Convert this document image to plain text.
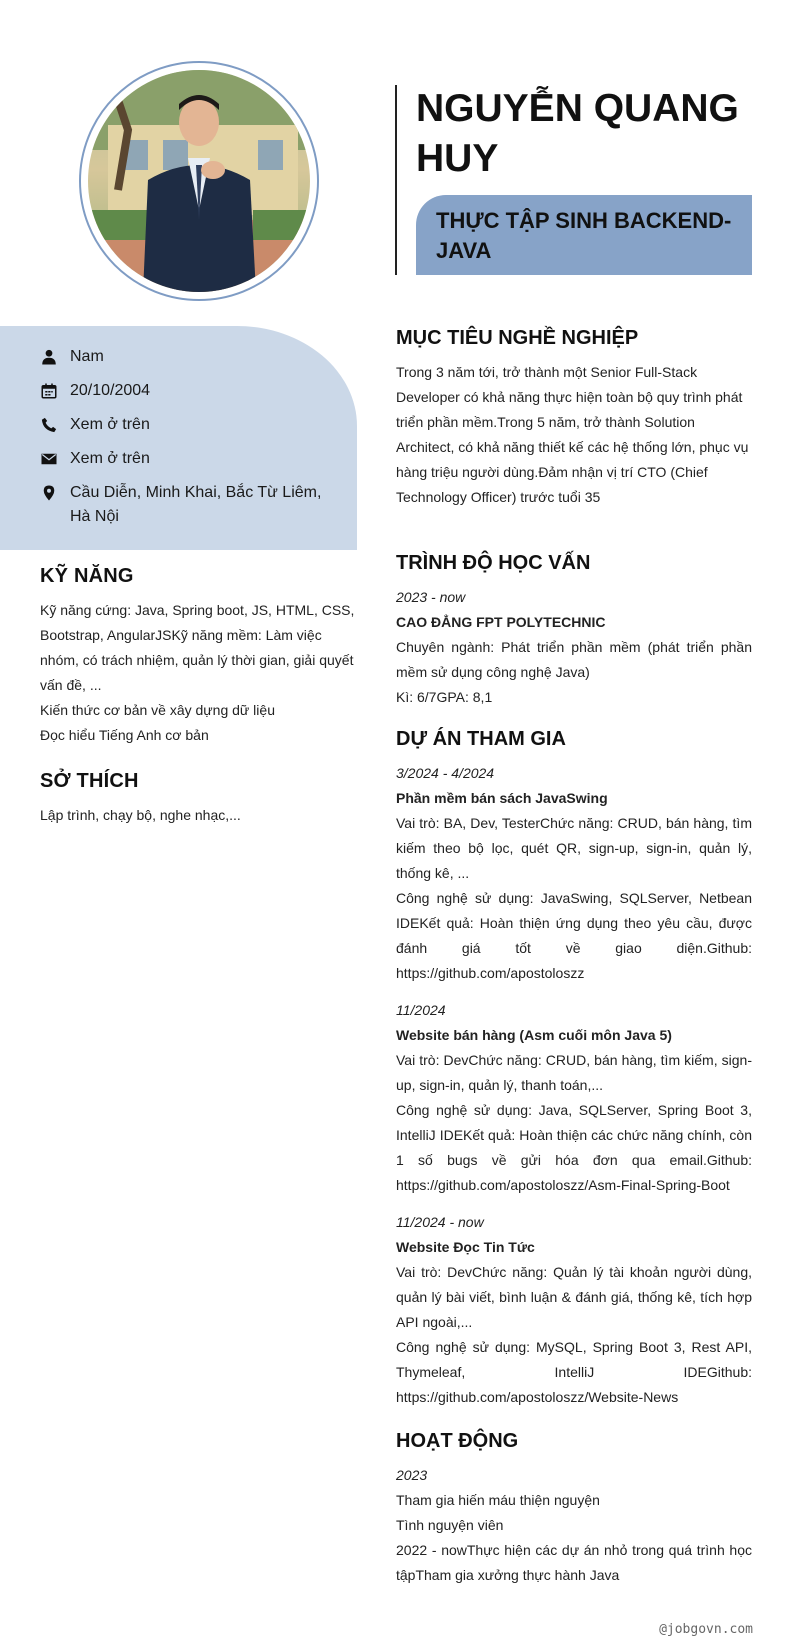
Nam
20/10/2004
Xem ở trên
Xem ở trên
Cầu Diễn, Minh Khai, Bắc Từ Liêm, Hà Nội
KỸ NĂNG
Kỹ năng cứng: Java, Spring boot, JS, HTML, CSS, Bootstrap, AngularJSKỹ năng mềm: Làm việc nhóm, có trách nhiệm, quản lý thời gian, giải quyết vấn đề, ...
Kiến thức cơ bản về xây dựng dữ liệu
Đọc hiểu Tiếng Anh cơ bản
SỞ THÍCH
Lập trình, chạy bộ, nghe nhạc,...
NGUYỄN QUANG HUY
THỰC TẬP SINH BACKEND-JAVA
MỤC TIÊU NGHỀ NGHIỆP
Trong 3 năm tới, trở thành một Senior Full-Stack Developer có khả năng thực hiện toàn bộ quy trình phát triển phần mềm.Trong 5 năm, trở thành Solution Architect, có khả năng thiết kế các hệ thống lớn, phục vụ hàng triệu người dùng.Đảm nhận vị trí CTO (Chief Technology Officer) trước tuổi 35
TRÌNH ĐỘ HỌC VẤN
2023 - now
CAO ĐẲNG FPT POLYTECHNIC
Chuyên ngành: Phát triển phần mềm (phát triển phần mềm sử dụng công nghệ Java)
Kì: 6/7GPA: 8,1
DỰ ÁN THAM GIA
3/2024 - 4/2024
Phần mềm bán sách JavaSwing
Vai trò: BA, Dev, TesterChức năng: CRUD, bán hàng, tìm kiếm theo bộ lọc, quét QR, sign-up, sign-in, quản lý, thống kê, ...
Công nghệ sử dụng: JavaSwing, SQLServer, Netbean IDEKết quả: Hoàn thiện ứng dụng theo yêu cầu, được đánh giá tốt về giao diện.Github: https://github.com/apostoloszz
11/2024
Website bán hàng (Asm cuối môn Java 5)
Vai trò: DevChức năng: CRUD, bán hàng, tìm kiếm, sign-up, sign-in, quản lý, thanh toán,...
Công nghệ sử dụng: Java, SQLServer, Spring Boot 3, IntelliJ IDEKết quả: Hoàn thiện các chức năng chính, còn 1 số bugs về gửi hóa đơn qua email.Github: https://github.com/apostoloszz/Asm-Final-Spring-Boot
11/2024 - now
Website Đọc Tin Tức
Vai trò: DevChức năng: Quản lý tài khoản người dùng, quản lý bài viết, bình luận & đánh giá, thống kê, tích hợp API ngoài,...
Công nghệ sử dụng: MySQL, Spring Boot 3, Rest API, Thymeleaf, IntelliJ IDEGithub: https://github.com/apostoloszz/Website-News
HOẠT ĐỘNG
2023
Tham gia hiến máu thiện nguyện
Tình nguyện viên
2022 - nowThực hiện các dự án nhỏ trong quá trình học tậpTham gia xưởng thực hành Java
@jobgovn.com
